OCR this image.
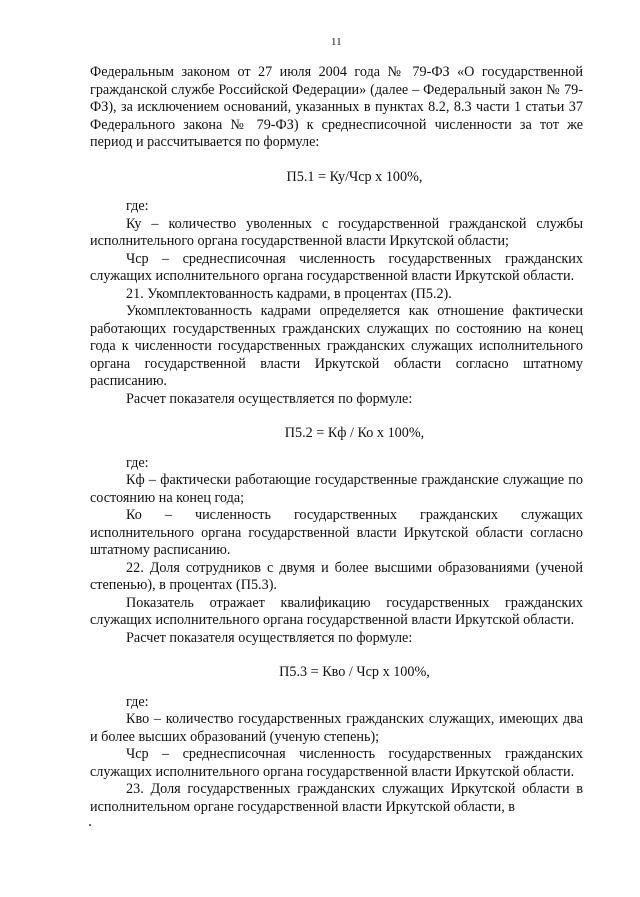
11

Федеральным законом от 27 июля 2004 года № 79-ФЗ «О государственной гражданской службе Российской Федерации» (далее – Федеральный закон № 79-ФЗ), за исключением оснований, указанных в пунктах 8.2, 8.3 части 1 статьи 37 Федерального закона № 79-ФЗ) к среднесписочной численности за тот же период и рассчитывается по формуле:

П5.1 = Ку/Чср х 100%,

где:

Ку – количество уволенных с государственной гражданской службы исполнительного органа государственной власти Иркутской области;

Чср – среднесписочная численность государственных гражданских служащих исполнительного органа государственной власти Иркутской области.

21. Укомплектованность кадрами, в процентах (П5.2).

Укомплектованность кадрами определяется как отношение фактически работающих государственных гражданских служащих по состоянию на конец года к численности государственных гражданских служащих исполнительного органа государственной власти Иркутской области согласно штатному расписанию.

Расчет показателя осуществляется по формуле:

П5.2 = Кф / Ко х 100%,

где:

Кф – фактически работающие государственные гражданские служащие по состоянию на конец года;

Ко – численность государственных гражданских служащих исполнительного органа государственной власти Иркутской области согласно штатному расписанию.

22. Доля сотрудников с двумя и более высшими образованиями (ученой степенью), в процентах (П5.3).

Показатель отражает квалификацию государственных гражданских служащих исполнительного органа государственной власти Иркутской области.

Расчет показателя осуществляется по формуле:

П5.3 = Кво / Чср х 100%,

где:

Кво – количество государственных гражданских служащих, имеющих два и более высших образований (ученую степень);

Чср – среднесписочная численность государственных гражданских служащих исполнительного органа государственной власти Иркутской области.

23. Доля государственных гражданских служащих Иркутской области в исполнительном органе государственной власти Иркутской области, в
